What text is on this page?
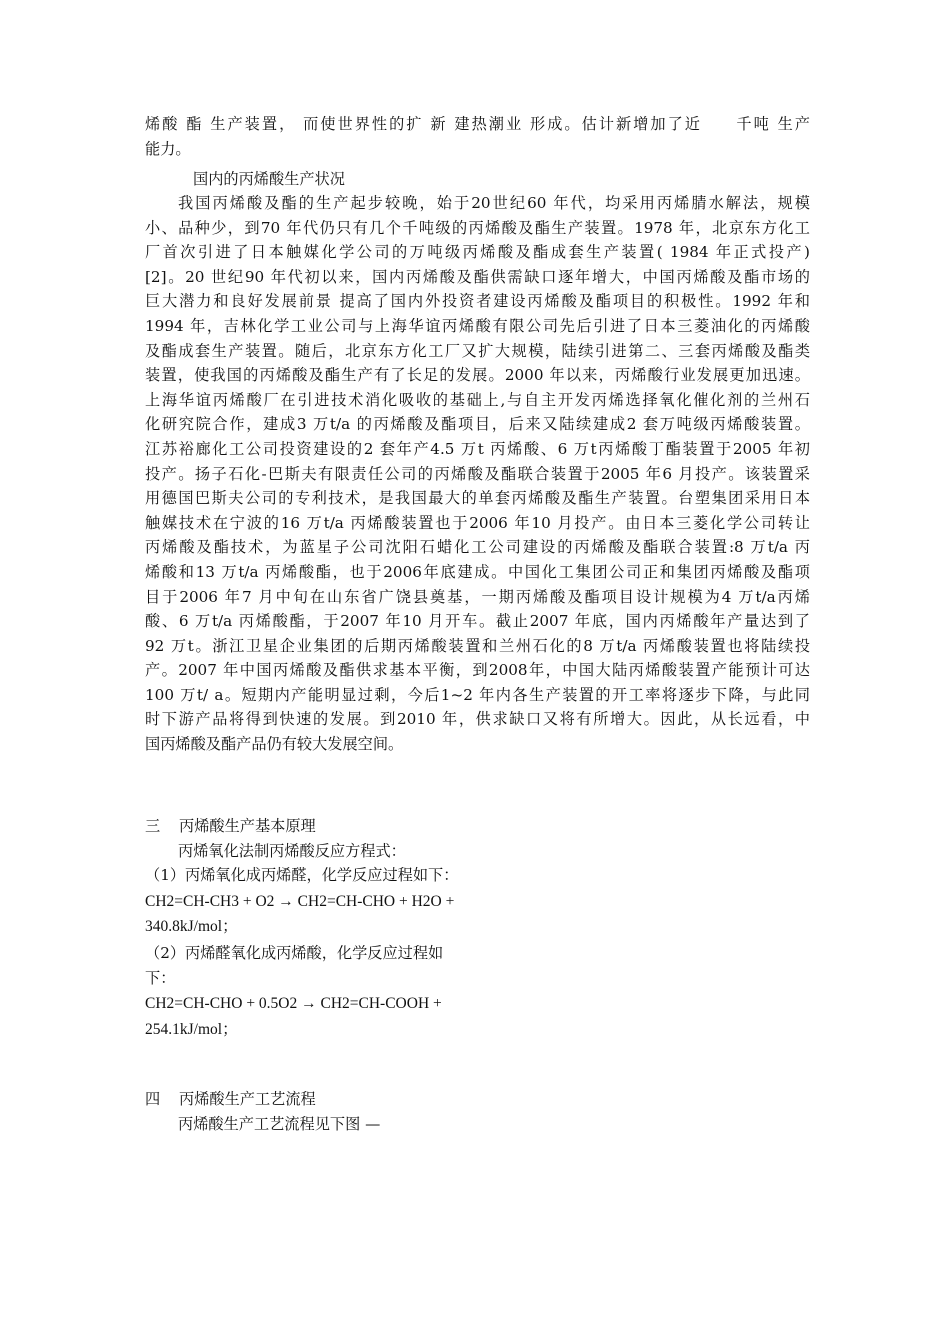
烯酸 酯 生产装置， 而使世界性的扩 新 建热潮业 形成。估计新增加了近　　千吨 生产
能力。
国内的丙烯酸生产状况
我国丙烯酸及酯的生产起步较晚，始于20世纪60 年代，均采用丙烯腈水解法，规模
小、品种少，到70 年代仍只有几个千吨级的丙烯酸及酯生产装置。1978 年，北京东方化工
厂首次引进了日本触媒化学公司的万吨级丙烯酸及酯成套生产装置( 1984 年正式投产)
[2]。20 世纪90 年代初以来，国内丙烯酸及酯供需缺口逐年增大，中国丙烯酸及酯市场的
巨大潜力和良好发展前景 提高了国内外投资者建设丙烯酸及酯项目的积极性。1992 年和
1994 年，吉林化学工业公司与上海华谊丙烯酸有限公司先后引进了日本三菱油化的丙烯酸
及酯成套生产装置。随后，北京东方化工厂又扩大规模，陆续引进第二、三套丙烯酸及酯类
装置，使我国的丙烯酸及酯生产有了长足的发展。2000 年以来，丙烯酸行业发展更加迅速。
上海华谊丙烯酸厂在引进技术消化吸收的基础上,与自主开发丙烯选择氧化催化剂的兰州石
化研究院合作，建成3 万t/a 的丙烯酸及酯项目，后来又陆续建成2 套万吨级丙烯酸装置。
江苏裕廊化工公司投资建设的2 套年产4.5 万t 丙烯酸、6 万t丙烯酸丁酯装置于2005 年初
投产。扬子石化-巴斯夫有限责任公司的丙烯酸及酯联合装置于2005 年6 月投产。该装置采
用德国巴斯夫公司的专利技术，是我国最大的单套丙烯酸及酯生产装置。台塑集团采用日本
触媒技术在宁波的16 万t/a 丙烯酸装置也于2006 年10 月投产。由日本三菱化学公司转让
丙烯酸及酯技术，为蓝星子公司沈阳石蜡化工公司建设的丙烯酸及酯联合装置:8 万t/a 丙
烯酸和13 万t/a 丙烯酸酯，也于2006年底建成。中国化工集团公司正和集团丙烯酸及酯项
目于2006 年7 月中旬在山东省广饶县奠基，一期丙烯酸及酯项目设计规模为4 万t/a丙烯
酸、6 万t/a 丙烯酸酯，于2007 年10 月开车。截止2007 年底，国内丙烯酸年产量达到了
92 万t。浙江卫星企业集团的后期丙烯酸装置和兰州石化的8 万t/a 丙烯酸装置也将陆续投
产。2007 年中国丙烯酸及酯供求基本平衡，到2008年，中国大陆丙烯酸装置产能预计可达
100 万t/ a。短期内产能明显过剩，今后1~2 年内各生产装置的开工率将逐步下降，与此同
时下游产品将得到快速的发展。到2010 年，供求缺口又将有所增大。因此，从长远看，中
国丙烯酸及酯产品仍有较大发展空间。
三 丙烯酸生产基本原理
丙烯氧化法制丙烯酸反应方程式：
（1）丙烯氧化成丙烯醛，化学反应过程如下：
CH2=CH-CH3 + O2 → CH2=CH-CHO + H2O +
340.8kJ/mol；
（2）丙烯醛氧化成丙烯酸，化学反应过程如
下：
CH2=CH-CHO + 0.5O2 → CH2=CH-COOH +
254.1kJ/mol；
四 丙烯酸生产工艺流程
丙烯酸生产工艺流程见下图 —
